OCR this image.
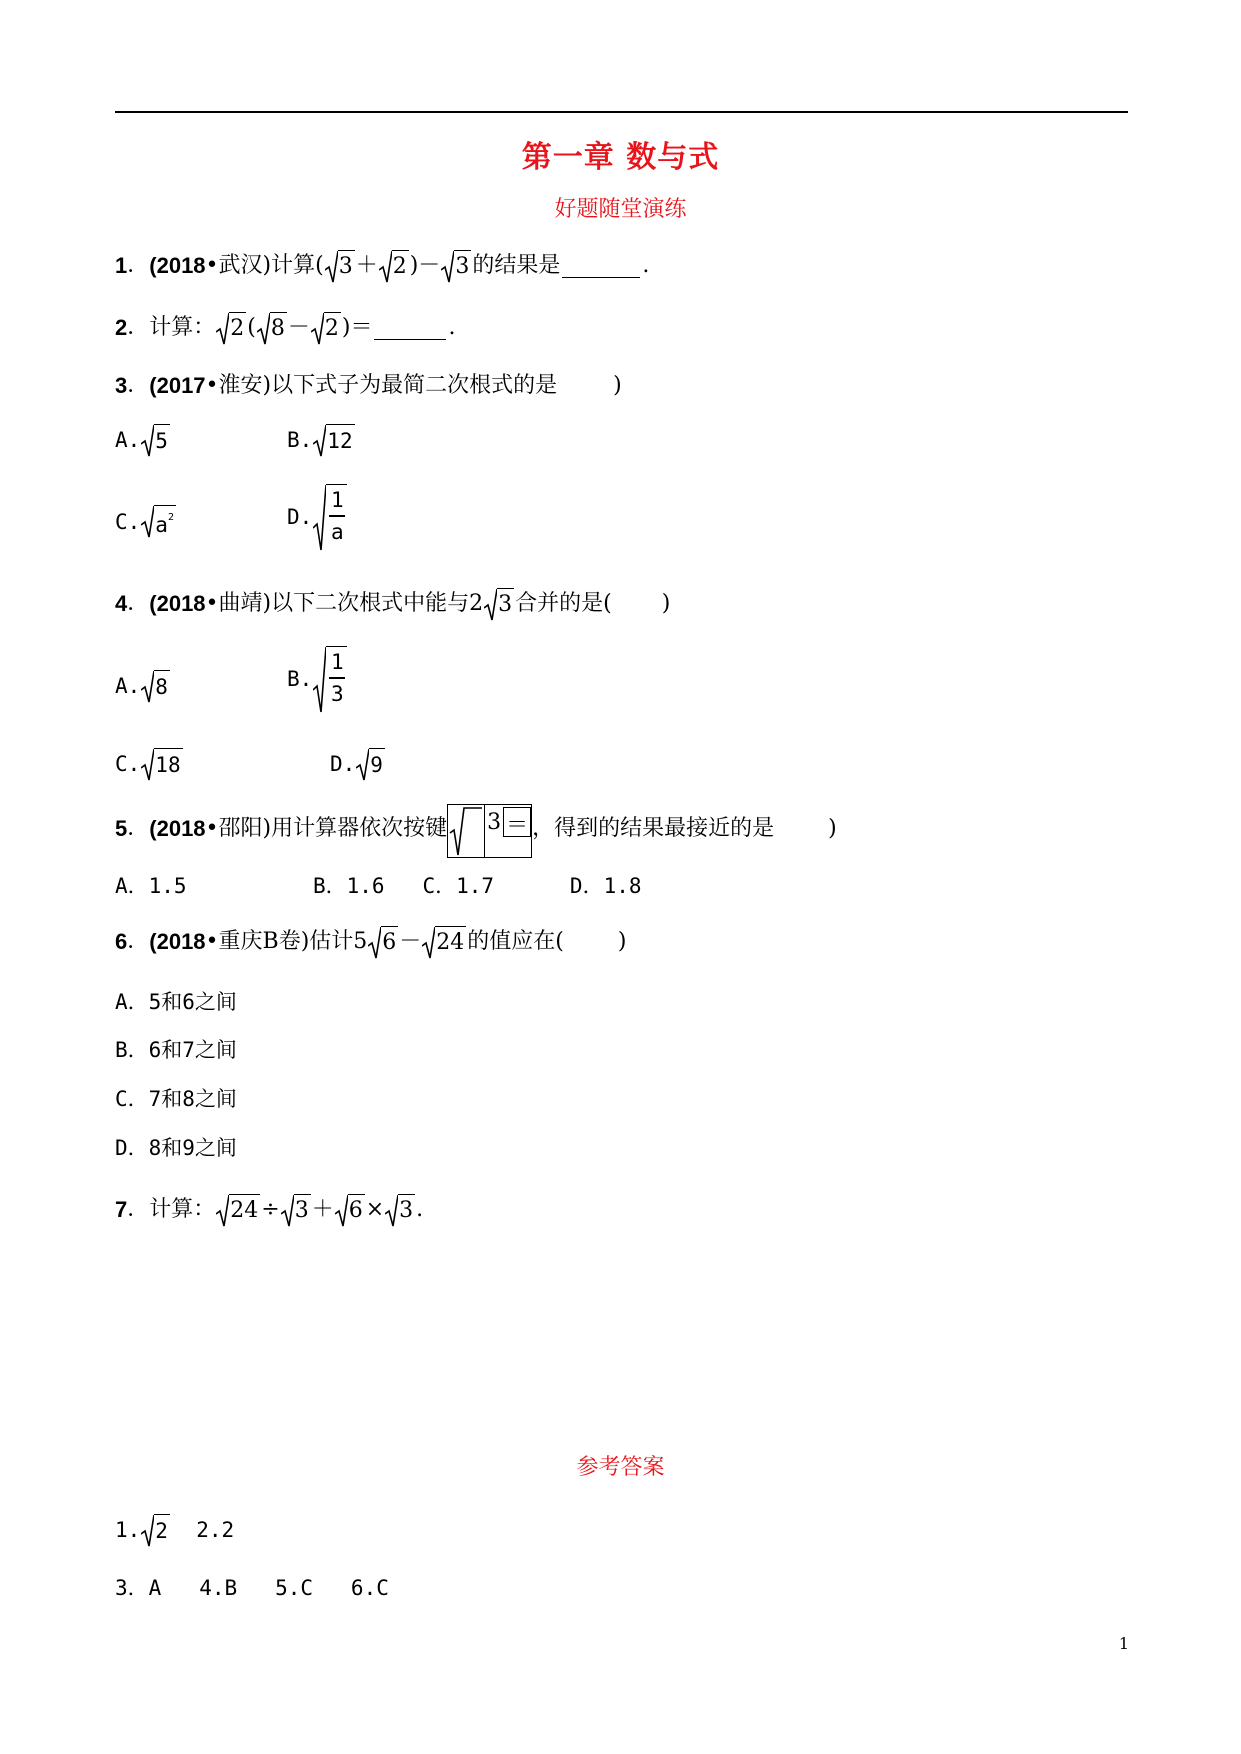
第一章 数与式
好题随堂演练
1 ． (2018 • 武汉)计算( 3 ＋ 2 )－ 3 的结果是	.
2 ． 计算： 2 ( 8 － 2 )＝	.
3 ． (2017 • 淮安)以下式子为最简二次根式的是	)
A. 5	B. 12
C. $a^2$	D. $\frac{1}{a}$
4 ． (2018 • 曲靖)以下二次根式中能与2 3 合并的是( )
A. 8	B. $\frac{1}{3}$
C. 18	D. 9
5 ． (2018 • 邵阳)用计算器依次按键 3 ＝ ，得到的结果最接近的是 )
A．1.5          B．1.6   C．1.7      D．1.8
6 ． (2018 • 重庆B卷)估计5 6 － 24 的值应在( )
A．5和6之间
B．6和7之间
C．7和8之间
D．8和9之间
7 ． 计算： 24 ÷ 3 ＋ 6 × 3 .
参考答案
1. 2 2.2
3．A   4.B   5.C   6.C
1
